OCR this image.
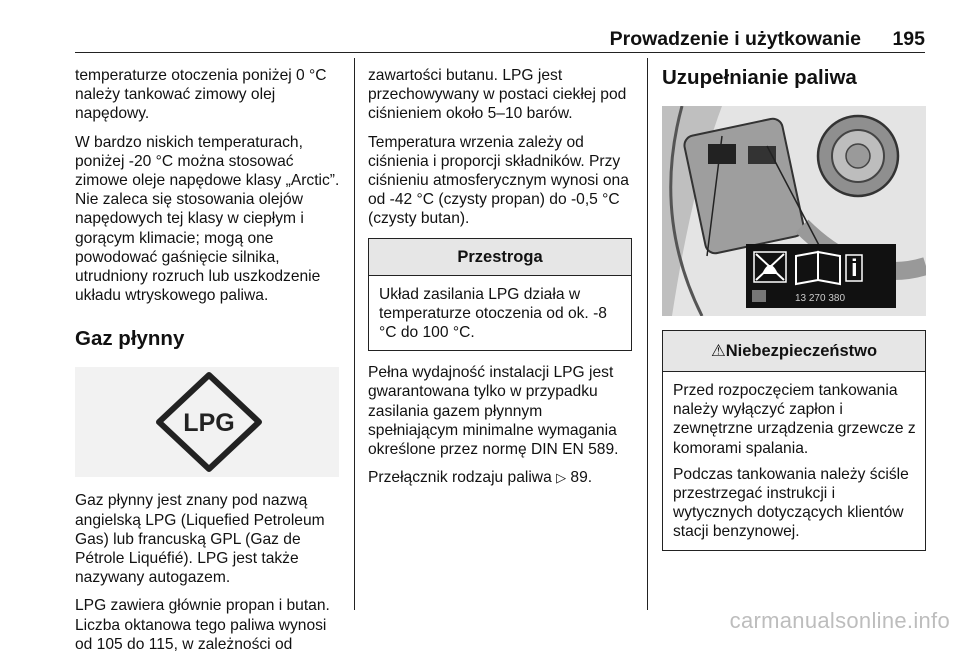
Prowadzenie i użytkowanie 195

temperaturze otoczenia poniżej 0 °C należy tankować zimowy olej napędowy.

W bardzo niskich temperaturach, poniżej -20 °C można stosować zimowe oleje napędowe klasy „Arctic”. Nie zaleca się stosowania olejów napędowych tej klasy w ciepłym i gorącym klimacie; mogą one powodować gaśnięcie silnika, utrudniony rozruch lub uszkodzenie układu wtryskowego paliwa.

Gaz płynny
LPG

Gaz płynny jest znany pod nazwą angielską LPG (Liquefied Petroleum Gas) lub francuską GPL (Gaz de Pétrole Liquéfié). LPG jest także nazywany autogazem.

LPG zawiera głównie propan i butan. Liczba oktanowa tego paliwa wynosi od 105 do 115, w zależności od

zawartości butanu. LPG jest przechowywany w postaci ciekłej pod ciśnieniem około 5–10 barów.

Temperatura wrzenia zależy od ciśnienia i proporcji składników. Przy ciśnieniu atmosferycznym wynosi ona od -42 °C (czysty propan) do -0,5 °C (czysty butan).

Przestroga

Układ zasilania LPG działa w temperaturze otoczenia od ok. -8 °C do 100 °C.

Pełna wydajność instalacji LPG jest gwarantowana tylko w przypadku zasilania gazem płynnym spełniającym minimalne wymagania określone przez normę DIN EN 589.

Przełącznik rodzaju paliwa ▷ 89.

Uzupełnianie paliwa
i
13 270 380
⚠Niebezpieczeństwo

Przed rozpoczęciem tankowania należy wyłączyć zapłon i zewnętrzne urządzenia grzewcze z komorami spalania.

Podczas tankowania należy ściśle przestrzegać instrukcji i wytycznych dotyczących klientów stacji benzynowej.

carmanualsonline.info
